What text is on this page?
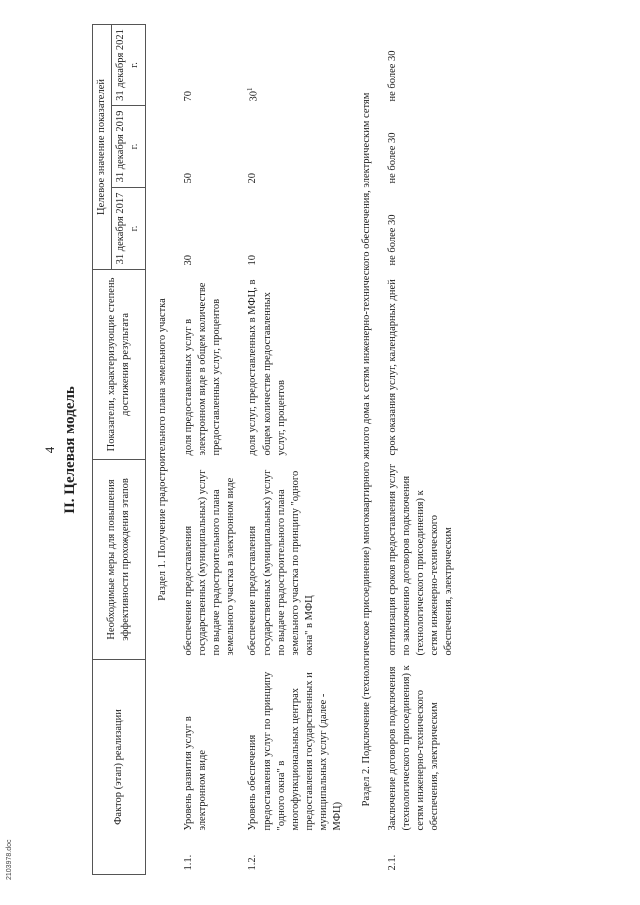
4 II. Целевая модель
Фактор (этап) реализации		Необходимые меры для повышения эффективности прохождения этапов	Показатели, характеризующие степень достижения результата	Целевое значение показателей		
				31 декабря 2017 г.	31 декабря 2019 г.	31 декабря 2021 г.
Раздел 1. Получение градостроительного плана земельного участка						
1.1.	Уровень развития услуг в электронном виде	обеспечение предоставления государственных (муниципальных) услуг по выдаче градостроительного плана земельного участка в электронном виде	доля предоставленных услуг в электронном виде в общем количестве предоставленных услуг, процентов	30	50	70
1.2.	Уровень обеспечения предоставления услуг по принципу "одного окна" в многофункциональных центрах предоставления государственных и муниципальных услуг (далее - МФЦ)	обеспечение предоставления государственных (муниципальных) услуг по выдаче градостроительного плана земельного участка по принципу "одного окна" в МФЦ	доля услуг, предоставленных в МФЦ, в общем количестве предоставленных услуг, процентов	10	20	$30^1$
Раздел 2. Подключение (технологическое присоединение) многоквартирного жилого дома к сетям инженерно-технического обеспечения, электрическим сетям						
2.1.	Заключение договоров подключения (технологического присоединения) к сетям инженерно-технического обеспечения, электрическим	оптимизация сроков предоставления услуг по заключению договоров подключения (технологического присоединения) к сетям инженерно-технического обеспечения, электрическим	срок оказания услуг, календарных дней	не более 30	не более 30	не более 30
2103978.doc
